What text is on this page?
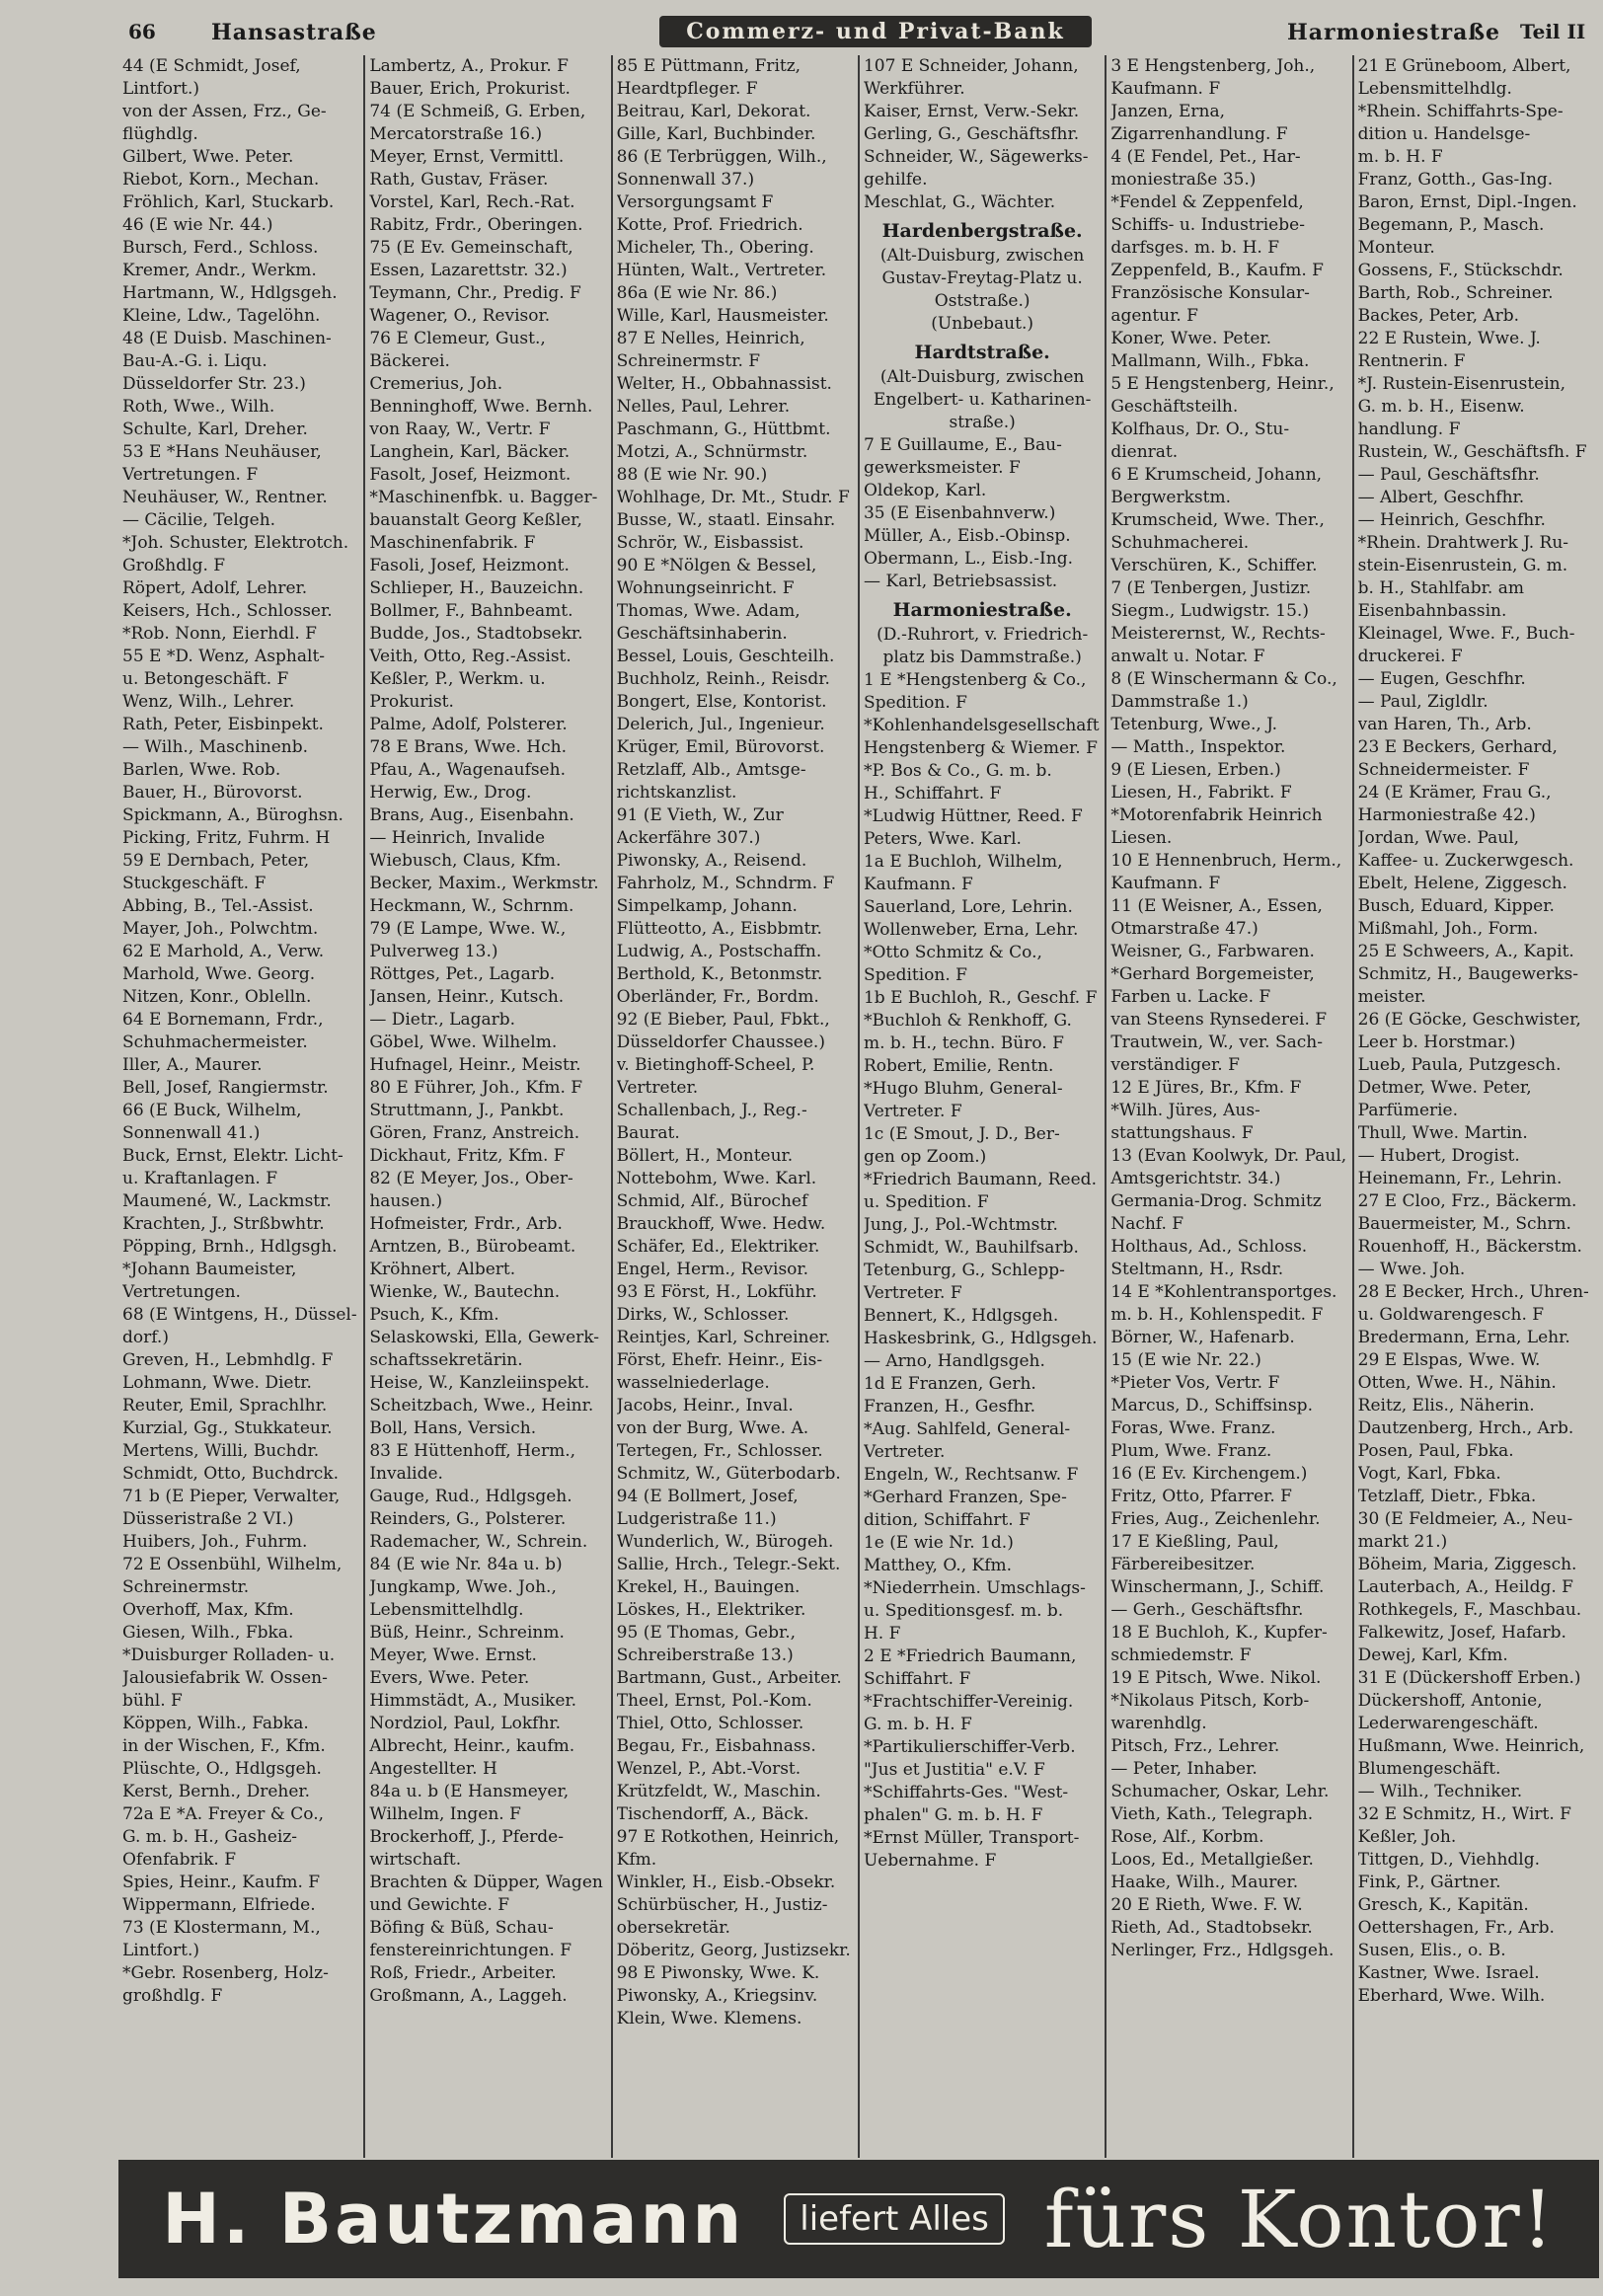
66	Hansastraße	Commerz- und Privat-Bank	Harmoniestraße Teil II
44 (E Schmidt, Josef,
Lintfort.)
von der Assen, Frz., Ge-
flüghdlg.
Gilbert, Wwe. Peter.
Riebot, Korn., Mechan.
Fröhlich, Karl, Stuckarb.
46 (E wie Nr. 44.)
Bursch, Ferd., Schloss.
Kremer, Andr., Werkm.
Hartmann, W., Hdlgsgeh.
Kleine, Ldw., Tagelöhn.
48 (E Duisb. Maschinen-
Bau-A.-G. i. Liqu.
Düsseldorfer Str. 23.)
Roth, Wwe., Wilh.
Schulte, Karl, Dreher.
53 E *Hans Neuhäuser,
Vertretungen. F
Neuhäuser, W., Rentner.
— Cäcilie, Telgeh.
*Joh. Schuster, Elektrotch.
Großhdlg. F
Röpert, Adolf, Lehrer.
Keisers, Hch., Schlosser.
*Rob. Nonn, Eierhdl. F
55 E *D. Wenz, Asphalt-
u. Betongeschäft. F
Wenz, Wilh., Lehrer.
Rath, Peter, Eisbinpekt.
— Wilh., Maschinenb.
Barlen, Wwe. Rob.
Bauer, H., Bürovorst.
Spickmann, A., Büroghsn.
Picking, Fritz, Fuhrm. H
59 E Dernbach, Peter,
Stuckgeschäft. F
Abbing, B., Tel.-Assist.
Mayer, Joh., Polwchtm.
62 E Marhold, A., Verw.
Marhold, Wwe. Georg.
Nitzen, Konr., Oblelln.
64 E Bornemann, Frdr.,
Schuhmachermeister.
Iller, A., Maurer.
Bell, Josef, Rangiermstr.
66 (E Buck, Wilhelm,
Sonnenwall 41.)
Buck, Ernst, Elektr. Licht-
u. Kraftanlagen. F
Maumené, W., Lackmstr.
Krachten, J., Strßbwhtr.
Pöpping, Brnh., Hdlgsgh.
*Johann Baumeister,
Vertretungen.
68 (E Wintgens, H., Düssel-
dorf.)
Greven, H., Lebmhdlg. F
Lohmann, Wwe. Dietr.
Reuter, Emil, Sprachlhr.
Kurzial, Gg., Stukkateur.
Mertens, Willi, Buchdr.
Schmidt, Otto, Buchdrck.
71 b (E Pieper, Verwalter,
Düsseristraße 2 VI.)
Huibers, Joh., Fuhrm.
72 E Ossenbühl, Wilhelm,
Schreinermstr.
Overhoff, Max, Kfm.
Giesen, Wilh., Fbka.
*Duisburger Rolladen- u.
Jalousiefabrik W. Ossen-
bühl. F
Köppen, Wilh., Fabka.
in der Wischen, F., Kfm.
Plüschte, O., Hdlgsgeh.
Kerst, Bernh., Dreher.
72a E *A. Freyer & Co.,
G. m. b. H., Gasheiz-
Ofenfabrik. F
Spies, Heinr., Kaufm. F
Wippermann, Elfriede.
73 (E Klostermann, M.,
Lintfort.)
*Gebr. Rosenberg, Holz-
großhdlg. F
Lambertz, A., Prokur. F
Bauer, Erich, Prokurist.
74 (E Schmeiß, G. Erben,
Mercatorstraße 16.)
Meyer, Ernst, Vermittl.
Rath, Gustav, Fräser.
Vorstel, Karl, Rech.-Rat.
Rabitz, Frdr., Oberingen.
75 (E Ev. Gemeinschaft,
Essen, Lazarettstr. 32.)
Teymann, Chr., Predig. F
Wagener, O., Revisor.
76 E Clemeur, Gust.,
Bäckerei.
Cremerius, Joh.
Benninghoff, Wwe. Bernh.
von Raay, W., Vertr. F
Langhein, Karl, Bäcker.
Fasolt, Josef, Heizmont.
*Maschinenfbk. u. Bagger-
bauanstalt Georg Keßler,
Maschinenfabrik. F
Fasoli, Josef, Heizmont.
Schlieper, H., Bauzeichn.
Bollmer, F., Bahnbeamt.
Budde, Jos., Stadtobsekr.
Veith, Otto, Reg.-Assist.
Keßler, P., Werkm. u.
Prokurist.
Palme, Adolf, Polsterer.
78 E Brans, Wwe. Hch.
Pfau, A., Wagenaufseh.
Herwig, Ew., Drog.
Brans, Aug., Eisenbahn.
— Heinrich, Invalide
Wiebusch, Claus, Kfm.
Becker, Maxim., Werkmstr.
Heckmann, W., Schrnm.
79 (E Lampe, Wwe. W.,
Pulverweg 13.)
Röttges, Pet., Lagarb.
Jansen, Heinr., Kutsch.
— Dietr., Lagarb.
Göbel, Wwe. Wilhelm.
Hufnagel, Heinr., Meistr.
80 E Führer, Joh., Kfm. F
Struttmann, J., Pankbt.
Gören, Franz, Anstreich.
Dickhaut, Fritz, Kfm. F
82 (E Meyer, Jos., Ober-
hausen.)
Hofmeister, Frdr., Arb.
Arntzen, B., Bürobeamt.
Kröhnert, Albert.
Wienke, W., Bautechn.
Psuch, K., Kfm.
Selaskowski, Ella, Gewerk-
schaftssekretärin.
Heise, W., Kanzleiinspekt.
Scheitzbach, Wwe., Heinr.
Boll, Hans, Versich.
83 E Hüttenhoff, Herm.,
Invalide.
Gauge, Rud., Hdlgsgeh.
Reinders, G., Polsterer.
Rademacher, W., Schrein.
84 (E wie Nr. 84a u. b)
Jungkamp, Wwe. Joh.,
Lebensmittelhdlg.
Büß, Heinr., Schreinm.
Meyer, Wwe. Ernst.
Evers, Wwe. Peter.
Himmstädt, A., Musiker.
Nordziol, Paul, Lokfhr.
Albrecht, Heinr., kaufm.
Angestellter. H
84a u. b (E Hansmeyer,
Wilhelm, Ingen. F
Brockerhoff, J., Pferde-
wirtschaft.
Brachten & Düpper, Wagen
und Gewichte. F
Böfing & Büß, Schau-
fenstereinrichtungen. F
Roß, Friedr., Arbeiter.
Großmann, A., Laggeh.
85 E Püttmann, Fritz,
Heardtpfleger. F
Beitrau, Karl, Dekorat.
Gille, Karl, Buchbinder.
86 (E Terbrüggen, Wilh.,
Sonnenwall 37.)
Versorgungsamt F
Kotte, Prof. Friedrich.
Micheler, Th., Obering.
Hünten, Walt., Vertreter.
86a (E wie Nr. 86.)
Wille, Karl, Hausmeister.
87 E Nelles, Heinrich,
Schreinermstr. F
Welter, H., Obbahnassist.
Nelles, Paul, Lehrer.
Paschmann, G., Hüttbmt.
Motzi, A., Schnürmstr.
88 (E wie Nr. 90.)
Wohlhage, Dr. Mt., Studr. F
Busse, W., staatl. Einsahr.
Schrör, W., Eisbassist.
90 E *Nölgen & Bessel,
Wohnungseinricht. F
Thomas, Wwe. Adam,
Geschäftsinhaberin.
Bessel, Louis, Geschteilh.
Buchholz, Reinh., Reisdr.
Bongert, Else, Kontorist.
Delerich, Jul., Ingenieur.
Krüger, Emil, Bürovorst.
Retzlaff, Alb., Amtsge-
richtskanzlist.
91 (E Vieth, W., Zur
Ackerfähre 307.)
Piwonsky, A., Reisend.
Fahrholz, M., Schndrm. F
Simpelkamp, Johann.
Flütteotto, A., Eisbbmtr.
Ludwig, A., Postschaffn.
Berthold, K., Betonmstr.
Oberländer, Fr., Bordm.
92 (E Bieber, Paul, Fbkt.,
Düsseldorfer Chaussee.)
v. Bietinghoff-Scheel, P.
Vertreter.
Schallenbach, J., Reg.-
Baurat.
Böllert, H., Monteur.
Nottebohm, Wwe. Karl.
Schmid, Alf., Bürochef
Brauckhoff, Wwe. Hedw.
Schäfer, Ed., Elektriker.
Engel, Herm., Revisor.
93 E Först, H., Lokführ.
Dirks, W., Schlosser.
Reintjes, Karl, Schreiner.
Först, Ehefr. Heinr., Eis-
wasselniederlage.
Jacobs, Heinr., Inval.
von der Burg, Wwe. A.
Tertegen, Fr., Schlosser.
Schmitz, W., Güterbodarb.
94 (E Bollmert, Josef,
Ludgeristraße 11.)
Wunderlich, W., Bürogeh.
Sallie, Hrch., Telegr.-Sekt.
Krekel, H., Bauingen.
Löskes, H., Elektriker.
95 (E Thomas, Gebr.,
Schreiberstraße 13.)
Bartmann, Gust., Arbeiter.
Theel, Ernst, Pol.-Kom.
Thiel, Otto, Schlosser.
Begau, Fr., Eisbahnass.
Wenzel, P., Abt.-Vorst.
Krützfeldt, W., Maschin.
Tischendorff, A., Bäck.
97 E Rotkothen, Heinrich,
Kfm.
Winkler, H., Eisb.-Obsekr.
Schürbüscher, H., Justiz-
obersekretär.
Döberitz, Georg, Justizsekr.
98 E Piwonsky, Wwe. K.
Piwonsky, A., Kriegsinv.
Klein, Wwe. Klemens.
107 E Schneider, Johann,
Werkführer.
Kaiser, Ernst, Verw.-Sekr.
Gerling, G., Geschäftsfhr.
Schneider, W., Sägewerks-
gehilfe.
Meschlat, G., Wächter.
Hardenbergstraße.
(Alt-Duisburg, zwischen
Gustav-Freytag-Platz u.
Oststraße.)
(Unbebaut.)
Hardtstraße.
(Alt-Duisburg, zwischen
Engelbert- u. Katharinen-
straße.)
7 E Guillaume, E., Bau-
gewerksmeister. F
Oldekop, Karl.
35 (E Eisenbahnverw.)
Müller, A., Eisb.-Obinsp.
Obermann, L., Eisb.-Ing.
— Karl, Betriebsassist.
Harmoniestraße.
(D.-Ruhrort, v. Friedrich-
platz bis Dammstraße.)
1 E *Hengstenberg & Co.,
Spedition. F
*Kohlenhandelsgesellschaft
Hengstenberg & Wiemer. F
*P. Bos & Co., G. m. b.
H., Schiffahrt. F
*Ludwig Hüttner, Reed. F
Peters, Wwe. Karl.
1a E Buchloh, Wilhelm,
Kaufmann. F
Sauerland, Lore, Lehrin.
Wollenweber, Erna, Lehr.
*Otto Schmitz & Co.,
Spedition. F
1b E Buchloh, R., Geschf. F
*Buchloh & Renkhoff, G.
m. b. H., techn. Büro. F
Robert, Emilie, Rentn.
*Hugo Bluhm, General-
Vertreter. F
1c (E Smout, J. D., Ber-
gen op Zoom.)
*Friedrich Baumann, Reed.
u. Spedition. F
Jung, J., Pol.-Wchtmstr.
Schmidt, W., Bauhilfsarb.
Tetenburg, G., Schlepp-
Vertreter. F
Bennert, K., Hdlgsgeh.
Haskesbrink, G., Hdlgsgeh.
— Arno, Handlgsgeh.
1d E Franzen, Gerh.
Franzen, H., Gesfhr.
*Aug. Sahlfeld, General-
Vertreter.
Engeln, W., Rechtsanw. F
*Gerhard Franzen, Spe-
dition, Schiffahrt. F
1e (E wie Nr. 1d.)
Matthey, O., Kfm.
*Niederrhein. Umschlags-
u. Speditionsgesf. m. b.
H. F
2 E *Friedrich Baumann,
Schiffahrt. F
*Frachtschiffer-Vereinig.
G. m. b. H. F
*Partikulierschiffer-Verb.
"Jus et Justitia" e.V. F
*Schiffahrts-Ges. "West-
phalen" G. m. b. H. F
*Ernst Müller, Transport-
Uebernahme. F
3 E Hengstenberg, Joh.,
Kaufmann. F
Janzen, Erna,
Zigarrenhandlung. F
4 (E Fendel, Pet., Har-
moniestraße 35.)
*Fendel & Zeppenfeld,
Schiffs- u. Industriebe-
darfsges. m. b. H. F
Zeppenfeld, B., Kaufm. F
Französische Konsular-
agentur. F
Koner, Wwe. Peter.
Mallmann, Wilh., Fbka.
5 E Hengstenberg, Heinr.,
Geschäftsteilh.
Kolfhaus, Dr. O., Stu-
dienrat.
6 E Krumscheid, Johann,
Bergwerkstm.
Krumscheid, Wwe. Ther.,
Schuhmacherei.
Verschüren, K., Schiffer.
7 (E Tenbergen, Justizr.
Siegm., Ludwigstr. 15.)
Meisterernst, W., Rechts-
anwalt u. Notar. F
8 (E Winschermann & Co.,
Dammstraße 1.)
Tetenburg, Wwe., J.
— Matth., Inspektor.
9 (E Liesen, Erben.)
Liesen, H., Fabrikt. F
*Motorenfabrik Heinrich
Liesen.
10 E Hennenbruch, Herm.,
Kaufmann. F
11 (E Weisner, A., Essen,
Otmarstraße 47.)
Weisner, G., Farbwaren.
*Gerhard Borgemeister,
Farben u. Lacke. F
van Steens Rynsederei. F
Trautwein, W., ver. Sach-
verständiger. F
12 E Jüres, Br., Kfm. F
*Wilh. Jüres, Aus-
stattungshaus. F
13 (Evan Koolwyk, Dr. Paul,
Amtsgerichtstr. 34.)
Germania-Drog. Schmitz
Nachf. F
Holthaus, Ad., Schloss.
Steltmann, H., Rsdr.
14 E *Kohlentransportges.
m. b. H., Kohlenspedit. F
Börner, W., Hafenarb.
15 (E wie Nr. 22.)
*Pieter Vos, Vertr. F
Marcus, D., Schiffsinsp.
Foras, Wwe. Franz.
Plum, Wwe. Franz.
16 (E Ev. Kirchengem.)
Fritz, Otto, Pfarrer. F
Fries, Aug., Zeichenlehr.
17 E Kießling, Paul,
Färbereibesitzer.
Winschermann, J., Schiff.
— Gerh., Geschäftsfhr.
18 E Buchloh, K., Kupfer-
schmiedemstr. F
19 E Pitsch, Wwe. Nikol.
*Nikolaus Pitsch, Korb-
warenhdlg.
Pitsch, Frz., Lehrer.
— Peter, Inhaber.
Schumacher, Oskar, Lehr.
Vieth, Kath., Telegraph.
Rose, Alf., Korbm.
Loos, Ed., Metallgießer.
Haake, Wilh., Maurer.
20 E Rieth, Wwe. F. W.
Rieth, Ad., Stadtobsekr.
Nerlinger, Frz., Hdlgsgeh.
21 E Grüneboom, Albert,
Lebensmittelhdlg.
*Rhein. Schiffahrts-Spe-
dition u. Handelsge-
m. b. H. F
Franz, Gotth., Gas-Ing.
Baron, Ernst, Dipl.-Ingen.
Begemann, P., Masch.
Monteur.
Gossens, F., Stückschdr.
Barth, Rob., Schreiner.
Backes, Peter, Arb.
22 E Rustein, Wwe. J.
Rentnerin. F
*J. Rustein-Eisenrustein,
G. m. b. H., Eisenw.
handlung. F
Rustein, W., Geschäftsfh. F
— Paul, Geschäftsfhr.
— Albert, Geschfhr.
— Heinrich, Geschfhr.
*Rhein. Drahtwerk J. Ru-
stein-Eisenrustein, G. m.
b. H., Stahlfabr. am
Eisenbahnbassin.
Kleinagel, Wwe. F., Buch-
druckerei. F
— Eugen, Geschfhr.
— Paul, Zigldlr.
van Haren, Th., Arb.
23 E Beckers, Gerhard,
Schneidermeister. F
24 (E Krämer, Frau G.,
Harmoniestraße 42.)
Jordan, Wwe. Paul,
Kaffee- u. Zuckerwgesch.
Ebelt, Helene, Ziggesch.
Busch, Eduard, Kipper.
Mißmahl, Joh., Form.
25 E Schweers, A., Kapit.
Schmitz, H., Baugewerks-
meister.
26 (E Göcke, Geschwister,
Leer b. Horstmar.)
Lueb, Paula, Putzgesch.
Detmer, Wwe. Peter,
Parfümerie.
Thull, Wwe. Martin.
— Hubert, Drogist.
Heinemann, Fr., Lehrin.
27 E Cloo, Frz., Bäckerm.
Bauermeister, M., Schrn.
Rouenhoff, H., Bäckerstm.
— Wwe. Joh.
28 E Becker, Hrch., Uhren-
u. Goldwarengesch. F
Bredermann, Erna, Lehr.
29 E Elspas, Wwe. W.
Otten, Wwe. H., Nähin.
Reitz, Elis., Näherin.
Dautzenberg, Hrch., Arb.
Posen, Paul, Fbka.
Vogt, Karl, Fbka.
Tetzlaff, Dietr., Fbka.
30 (E Feldmeier, A., Neu-
markt 21.)
Böheim, Maria, Ziggesch.
Lauterbach, A., Heildg. F
Rothkegels, F., Maschbau.
Falkewitz, Josef, Hafarb.
Dewej, Karl, Kfm.
31 E (Dückershoff Erben.)
Dückershoff, Antonie,
Lederwarengeschäft.
Hußmann, Wwe. Heinrich,
Blumengeschäft.
— Wilh., Techniker.
32 E Schmitz, H., Wirt. F
Keßler, Joh.
Tittgen, D., Viehhdlg.
Fink, P., Gärtner.
Gresch, K., Kapitän.
Oettershagen, Fr., Arb.
Susen, Elis., o. B.
Kastner, Wwe. Israel.
Eberhard, Wwe. Wilh.
H. Bautzmann	liefert Alles fürs Kontor!
